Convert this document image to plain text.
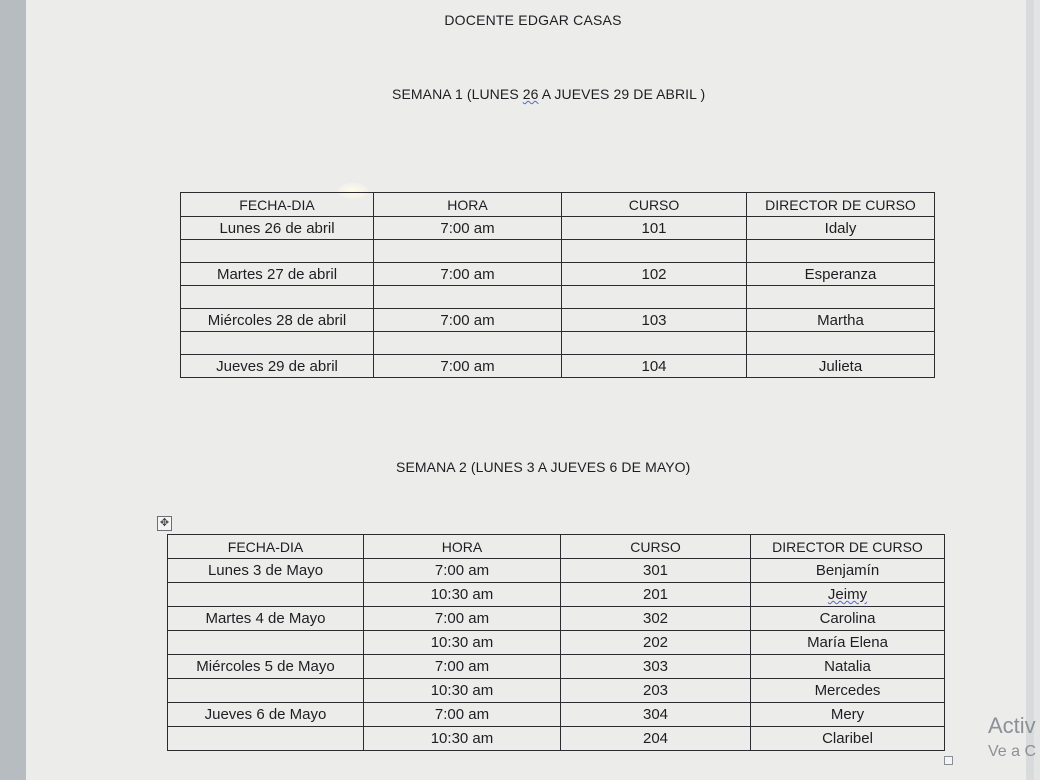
DOCENTE EDGAR CASAS
SEMANA 1 (LUNES 26 A JUEVES 29 DE ABRIL )
FECHA-DIA	HORA	CURSO	DIRECTOR DE CURSO
Lunes 26 de abril	7:00 am	101	Idaly

Martes 27 de abril	7:00 am	102	Esperanza

Miércoles 28 de abril	7:00 am	103	Martha

Jueves 29 de abril	7:00 am	104	Julieta
SEMANA 2 (LUNES 3 A JUEVES 6 DE MAYO)
✥
FECHA-DIA	HORA	CURSO	DIRECTOR DE CURSO
Lunes 3 de Mayo	7:00 am	301	Benjamín
	10:30 am	201	Jeimy
Martes 4 de Mayo	7:00 am	302	Carolina
	10:30 am	202	María Elena
Miércoles 5 de Mayo	7:00 am	303	Natalia
	10:30 am	203	Mercedes
Jueves 6 de Mayo	7:00 am	304	Mery
	10:30 am	204	Claribel
Activ
Ve a C
